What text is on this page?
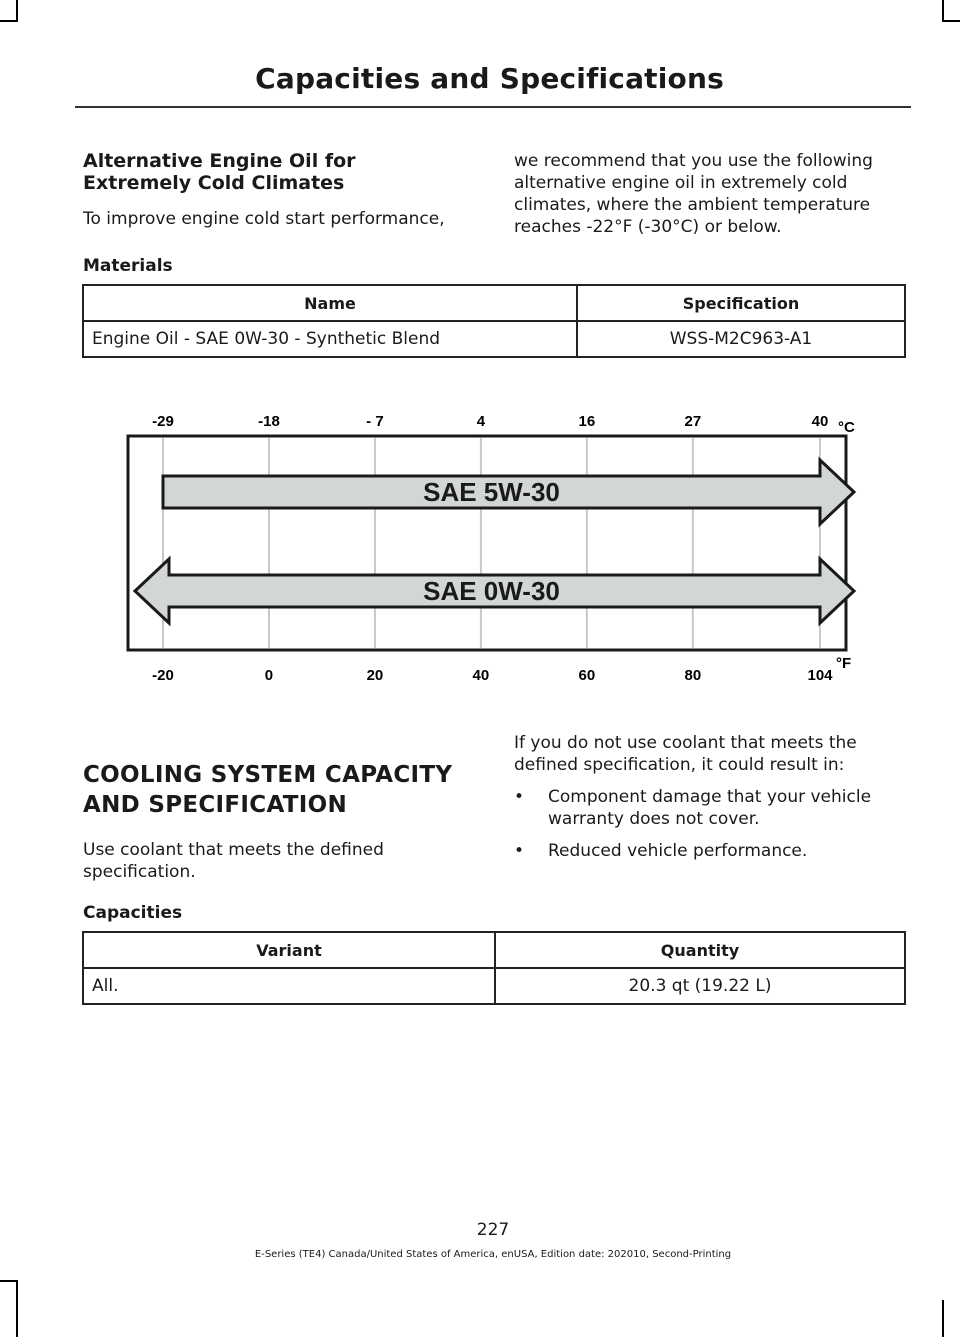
Capacities and Specifications

Alternative Engine Oil for Extremely Cold Climates

To improve engine cold start performance,

we recommend that you use the following alternative engine oil in extremely cold climates, where the ambient temperature reaches -22°F (-30°C) or below.

Materials
Name	Specification
Engine Oil - SAE 0W-30 - Synthetic Blend	WSS-M2C963-A1
SAE 5W-30
SAE 0W-30
-29	-18	- 7	4	16	27	40
-20	0	20	40	60	80	104
°C
°F

COOLING SYSTEM CAPACITY

AND SPECIFICATION

Use coolant that meets the defined specification.

If you do not use coolant that meets the defined specification, it could result in:

• Component damage that your vehicle warranty does not cover.
• Reduced vehicle performance.
Capacities
Variant	Quantity
All.	20.3 qt (19.22 L)
227
E-Series (TE4) Canada/United States of America, enUSA, Edition date: 202010, Second-Printing
